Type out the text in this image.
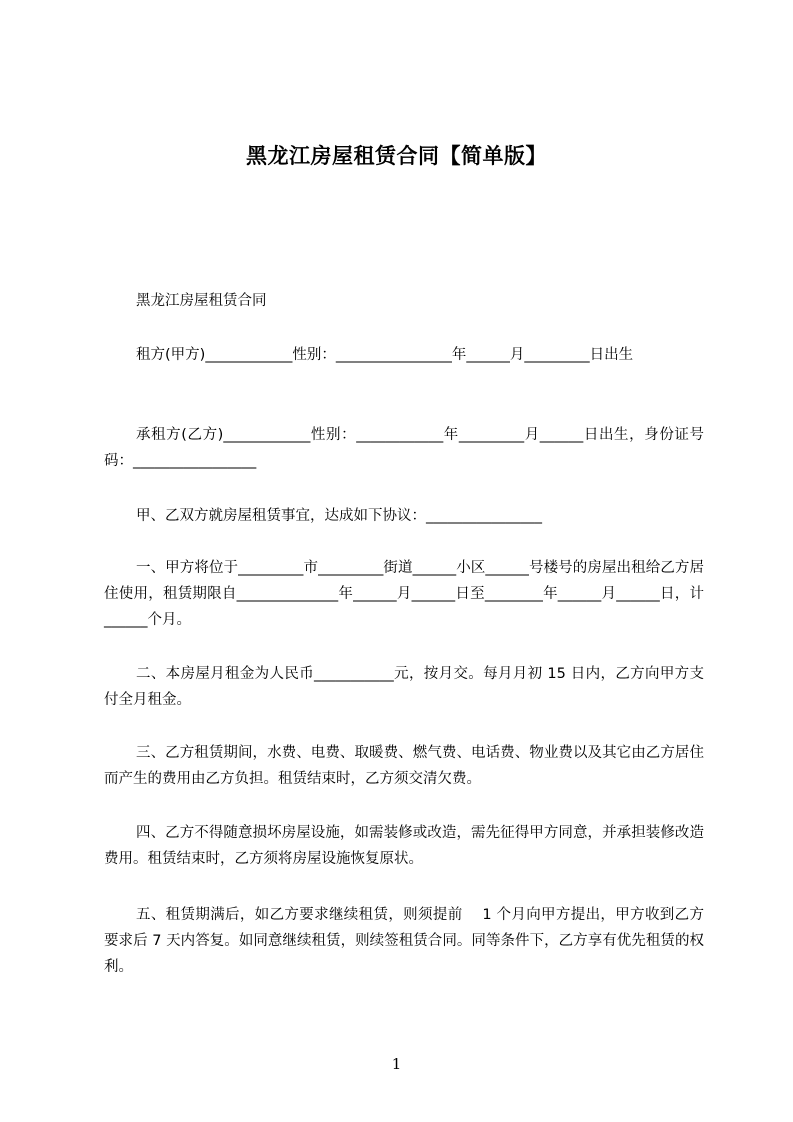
黑龙江房屋租赁合同【简单版】
黑龙江房屋租赁合同
租方(甲方)____________性别：________________年______月_________日出生
承租方(乙方)____________性别：____________年_________月______日出生，身份证号码：_________________
甲、乙双方就房屋租赁事宜，达成如下协议：________________
一、甲方将位于_________市_________街道______小区______号楼号的房屋出租给乙方居住使用，租赁期限自______________年______月______日至________年______月______日，计______个月。
二、本房屋月租金为人民币___________元，按月交。每月月初 15 日内，乙方向甲方支付全月租金。
三、乙方租赁期间，水费、电费、取暖费、燃气费、电话费、物业费以及其它由乙方居住而产生的费用由乙方负担。租赁结束时，乙方须交清欠费。
四、乙方不得随意损坏房屋设施，如需装修或改造，需先征得甲方同意，并承担装修改造费用。租赁结束时，乙方须将房屋设施恢复原状。
五、租赁期满后，如乙方要求继续租赁，则须提前　 1 个月向甲方提出，甲方收到乙方要求后 7 天内答复。如同意继续租赁，则续签租赁合同。同等条件下，乙方享有优先租赁的权利。
1
